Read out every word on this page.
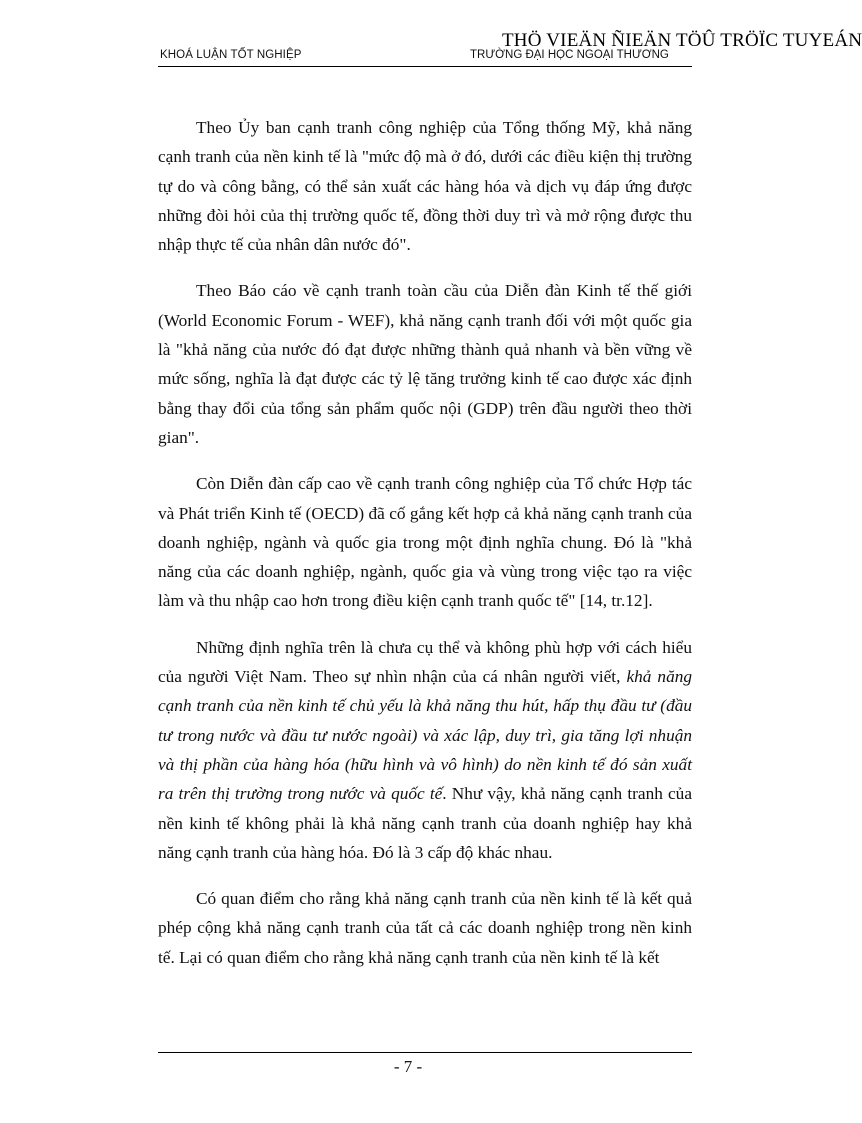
THÖ VIEÄN ÑIEÄN TÖÛ TRÖÏC TUYEÁN
KHOÁ LUẬN TỐT NGHIỆP	TRƯỜNG ĐẠI HỌC NGOẠI THƯƠNG

Theo Ủy ban cạnh tranh công nghiệp của Tổng thống Mỹ, khả năng cạnh tranh của nền kinh tế là "mức độ mà ở đó, dưới các điều kiện thị trường tự do và công bằng, có thể sản xuất các hàng hóa và dịch vụ đáp ứng được những đòi hỏi của thị trường quốc tế, đồng thời duy trì và mở rộng được thu nhập thực tế của nhân dân nước đó".

Theo Báo cáo về cạnh tranh toàn cầu của Diễn đàn Kinh tế thế giới (World Economic Forum - WEF), khả năng cạnh tranh đối với một quốc gia là "khả năng của nước đó đạt được những thành quả nhanh và bền vững về mức sống, nghĩa là đạt được các tỷ lệ tăng trưởng kinh tế cao được xác định bằng thay đổi của tổng sản phẩm quốc nội (GDP) trên đầu người theo thời gian".

Còn Diễn đàn cấp cao về cạnh tranh công nghiệp của Tổ chức Hợp tác và Phát triển Kinh tế (OECD) đã cố gắng kết hợp cả khả năng cạnh tranh của doanh nghiệp, ngành và quốc gia trong một định nghĩa chung. Đó là "khả năng của các doanh nghiệp, ngành, quốc gia và vùng trong việc tạo ra việc làm và thu nhập cao hơn trong điều kiện cạnh tranh quốc tế" [14, tr.12].

Những định nghĩa trên là chưa cụ thể và không phù hợp với cách hiểu của người Việt Nam. Theo sự nhìn nhận của cá nhân người viết, khả năng cạnh tranh của nền kinh tế chủ yếu là khả năng thu hút, hấp thụ đầu tư (đầu tư trong nước và đầu tư nước ngoài) và xác lập, duy trì, gia tăng lợi nhuận và thị phần của hàng hóa (hữu hình và vô hình) do nền kinh tế đó sản xuất ra trên thị trường trong nước và quốc tế. Như vậy, khả năng cạnh tranh của nền kinh tế không phải là khả năng cạnh tranh của doanh nghiệp hay khả năng cạnh tranh của hàng hóa. Đó là 3 cấp độ khác nhau.

Có quan điểm cho rằng khả năng cạnh tranh của nền kinh tế là kết quả phép cộng khả năng cạnh tranh của tất cả các doanh nghiệp trong nền kinh tế. Lại có quan điểm cho rằng khả năng cạnh tranh của nền kinh tế là kết

- 7 -
